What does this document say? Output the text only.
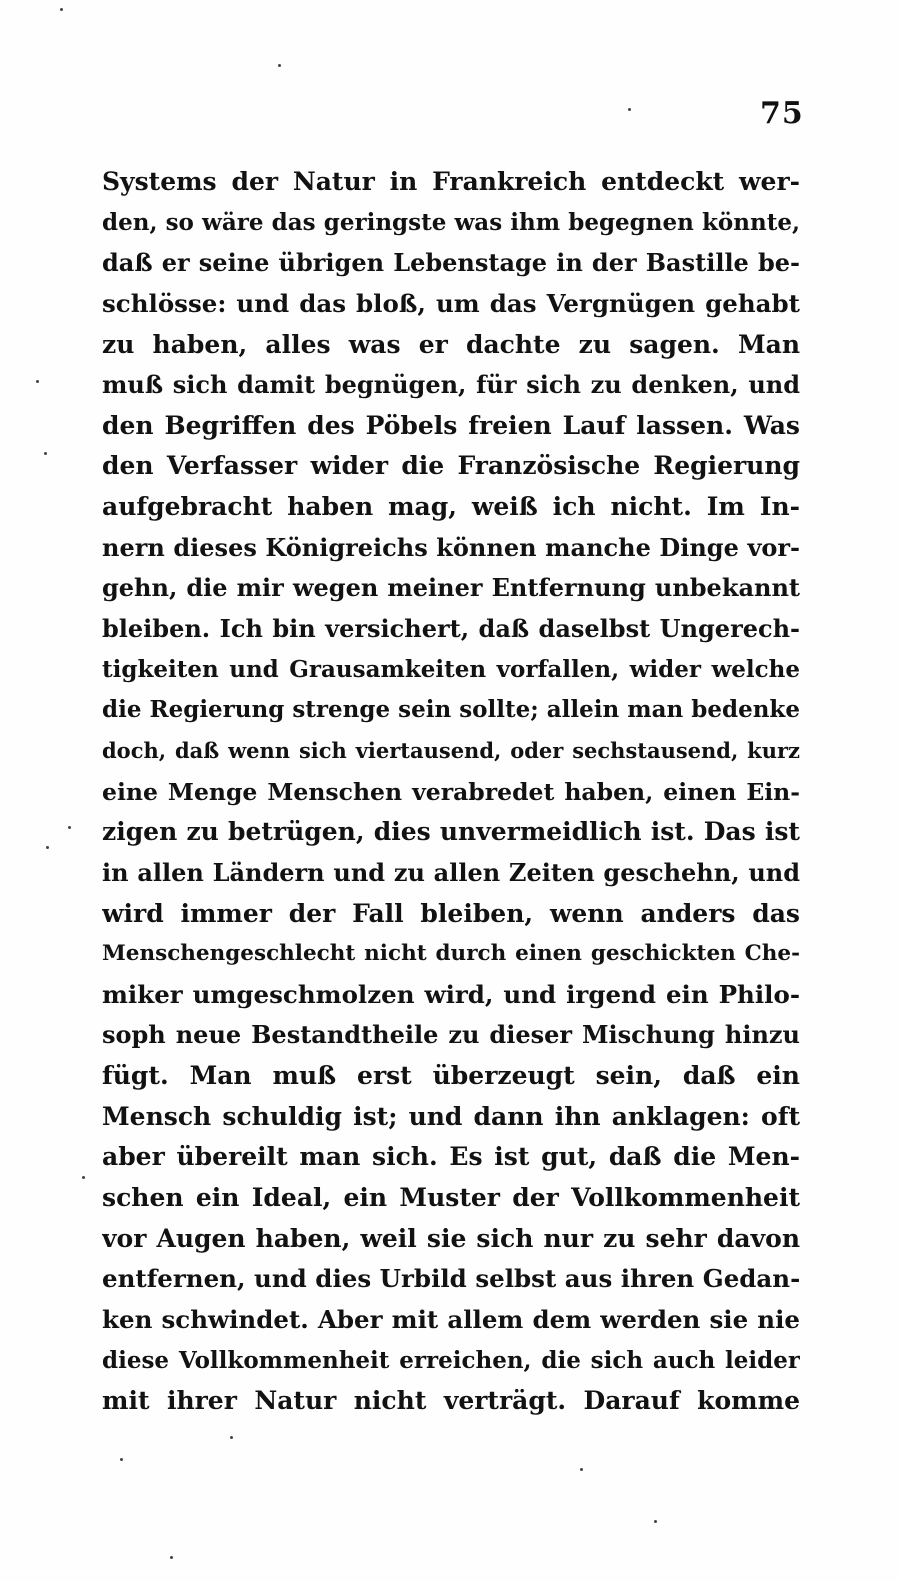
75
Systems der Natur in Frankreich entdeckt wer-
den, so wäre das geringste was ihm begegnen könnte,
daß er seine übrigen Lebenstage in der Bastille be-
schlösse: und das bloß, um das Vergnügen gehabt
zu haben, alles was er dachte zu sagen. Man
muß sich damit begnügen, für sich zu denken, und
den Begriffen des Pöbels freien Lauf lassen. Was
den Verfasser wider die Französische Regierung
aufgebracht haben mag, weiß ich nicht. Im In-
nern dieses Königreichs können manche Dinge vor-
gehn, die mir wegen meiner Entfernung unbekannt
bleiben. Ich bin versichert, daß daselbst Ungerech-
tigkeiten und Grausamkeiten vorfallen, wider welche
die Regierung strenge sein sollte; allein man bedenke
doch, daß wenn sich viertausend, oder sechstausend, kurz
eine Menge Menschen verabredet haben, einen Ein-
zigen zu betrügen, dies unvermeidlich ist. Das ist
in allen Ländern und zu allen Zeiten geschehn, und
wird immer der Fall bleiben, wenn anders das
Menschengeschlecht nicht durch einen geschickten Che-
miker umgeschmolzen wird, und irgend ein Philo-
soph neue Bestandtheile zu dieser Mischung hinzu
fügt. Man muß erst überzeugt sein, daß ein
Mensch schuldig ist; und dann ihn anklagen: oft
aber übereilt man sich. Es ist gut, daß die Men-
schen ein Ideal, ein Muster der Vollkommenheit
vor Augen haben, weil sie sich nur zu sehr davon
entfernen, und dies Urbild selbst aus ihren Gedan-
ken schwindet. Aber mit allem dem werden sie nie
diese Vollkommenheit erreichen, die sich auch leider
mit ihrer Natur nicht verträgt. Darauf komme
